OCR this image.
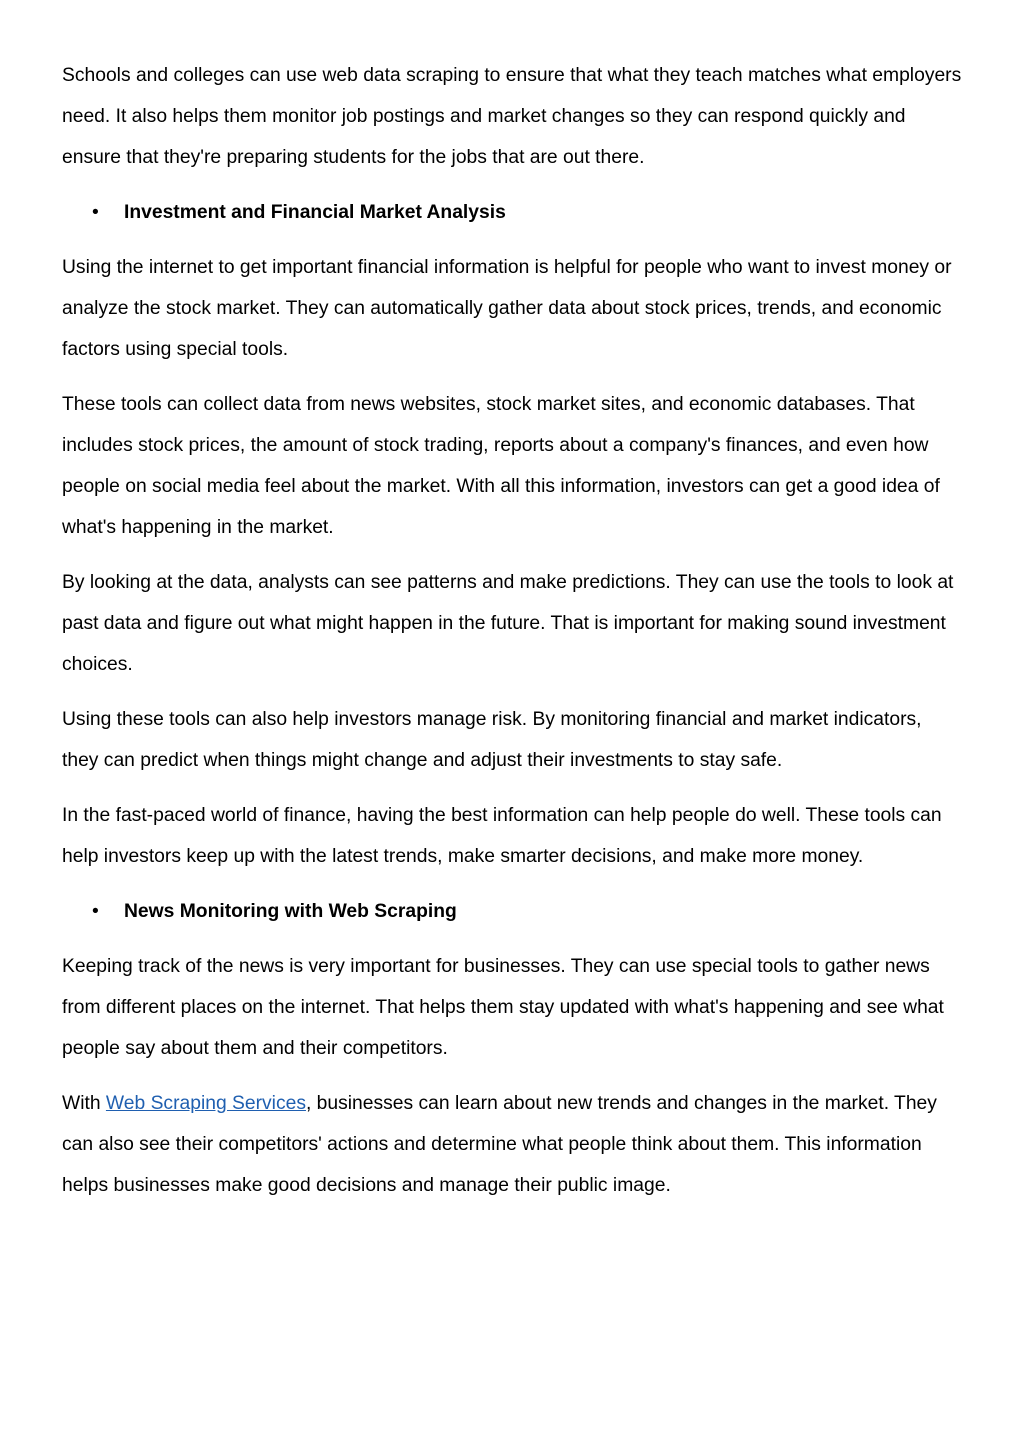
Schools and colleges can use web data scraping to ensure that what they teach matches what employers need. It also helps them monitor job postings and market changes so they can respond quickly and ensure that they're preparing students for the jobs that are out there.

• Investment and Financial Market Analysis

Using the internet to get important financial information is helpful for people who want to invest money or analyze the stock market. They can automatically gather data about stock prices, trends, and economic factors using special tools.

These tools can collect data from news websites, stock market sites, and economic databases. That includes stock prices, the amount of stock trading, reports about a company's finances, and even how people on social media feel about the market. With all this information, investors can get a good idea of what's happening in the market.

By looking at the data, analysts can see patterns and make predictions. They can use the tools to look at past data and figure out what might happen in the future. That is important for making sound investment choices.

Using these tools can also help investors manage risk. By monitoring financial and market indicators, they can predict when things might change and adjust their investments to stay safe.

In the fast-paced world of finance, having the best information can help people do well. These tools can help investors keep up with the latest trends, make smarter decisions, and make more money.

• News Monitoring with Web Scraping

Keeping track of the news is very important for businesses. They can use special tools to gather news from different places on the internet. That helps them stay updated with what's happening and see what people say about them and their competitors.

With Web Scraping Services, businesses can learn about new trends and changes in the market. They can also see their competitors' actions and determine what people think about them. This information helps businesses make good decisions and manage their public image.
